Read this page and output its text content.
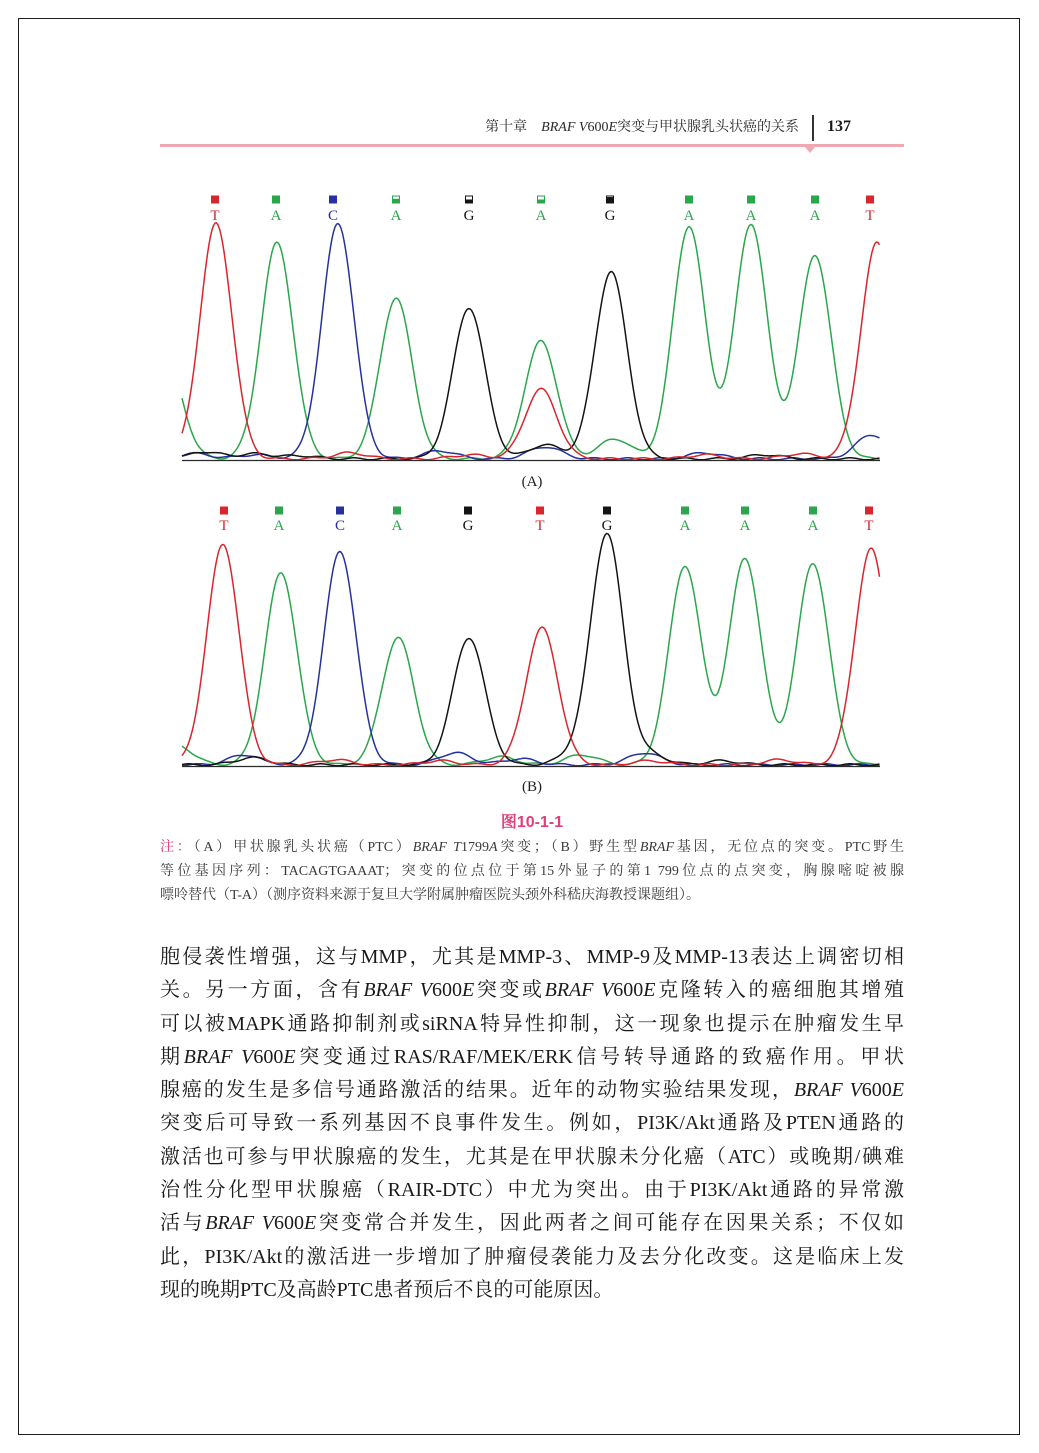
第十章 BRAF V600E突变与甲状腺乳头状癌的关系 137
T	A	C	A	G	A	G	A	A	A	T
(A)
T	A	C	A	G	T	G	A	A	A	T
(B)
图10-1-1
注：（A）甲状腺乳头状癌（PTC）BRAF T1799A突变；（B）野生型BRAF基因，无位点的突变。PTC野生
等位基因序列：TACAGTGAAAT；突变的位点位于第15外显子的第1 799位点的点突变，胸腺嘧啶被腺
嘌呤替代（T-A）（测序资料来源于复旦大学附属肿瘤医院头颈外科嵇庆海教授课题组）。
胞侵袭性增强，这与MMP，尤其是MMP-3、MMP-9及MMP-13表达上调密切相
关。另一方面，含有BRAF V600E突变或BRAF V600E克隆转入的癌细胞其增殖
可以被MAPK通路抑制剂或siRNA特异性抑制，这一现象也提示在肿瘤发生早
期BRAF V600E突变通过RAS/RAF/MEK/ERK信号转导通路的致癌作用。甲状
腺癌的发生是多信号通路激活的结果。近年的动物实验结果发现，BRAF V600E
突变后可导致一系列基因不良事件发生。例如，PI3K/Akt通路及PTEN通路的
激活也可参与甲状腺癌的发生，尤其是在甲状腺未分化癌（ATC）或晚期/碘难
治性分化型甲状腺癌（RAIR-DTC）中尤为突出。由于PI3K/Akt通路的异常激
活与BRAF V600E突变常合并发生，因此两者之间可能存在因果关系；不仅如
此，PI3K/Akt的激活进一步增加了肿瘤侵袭能力及去分化改变。这是临床上发
现的晚期PTC及高龄PTC患者预后不良的可能原因。
